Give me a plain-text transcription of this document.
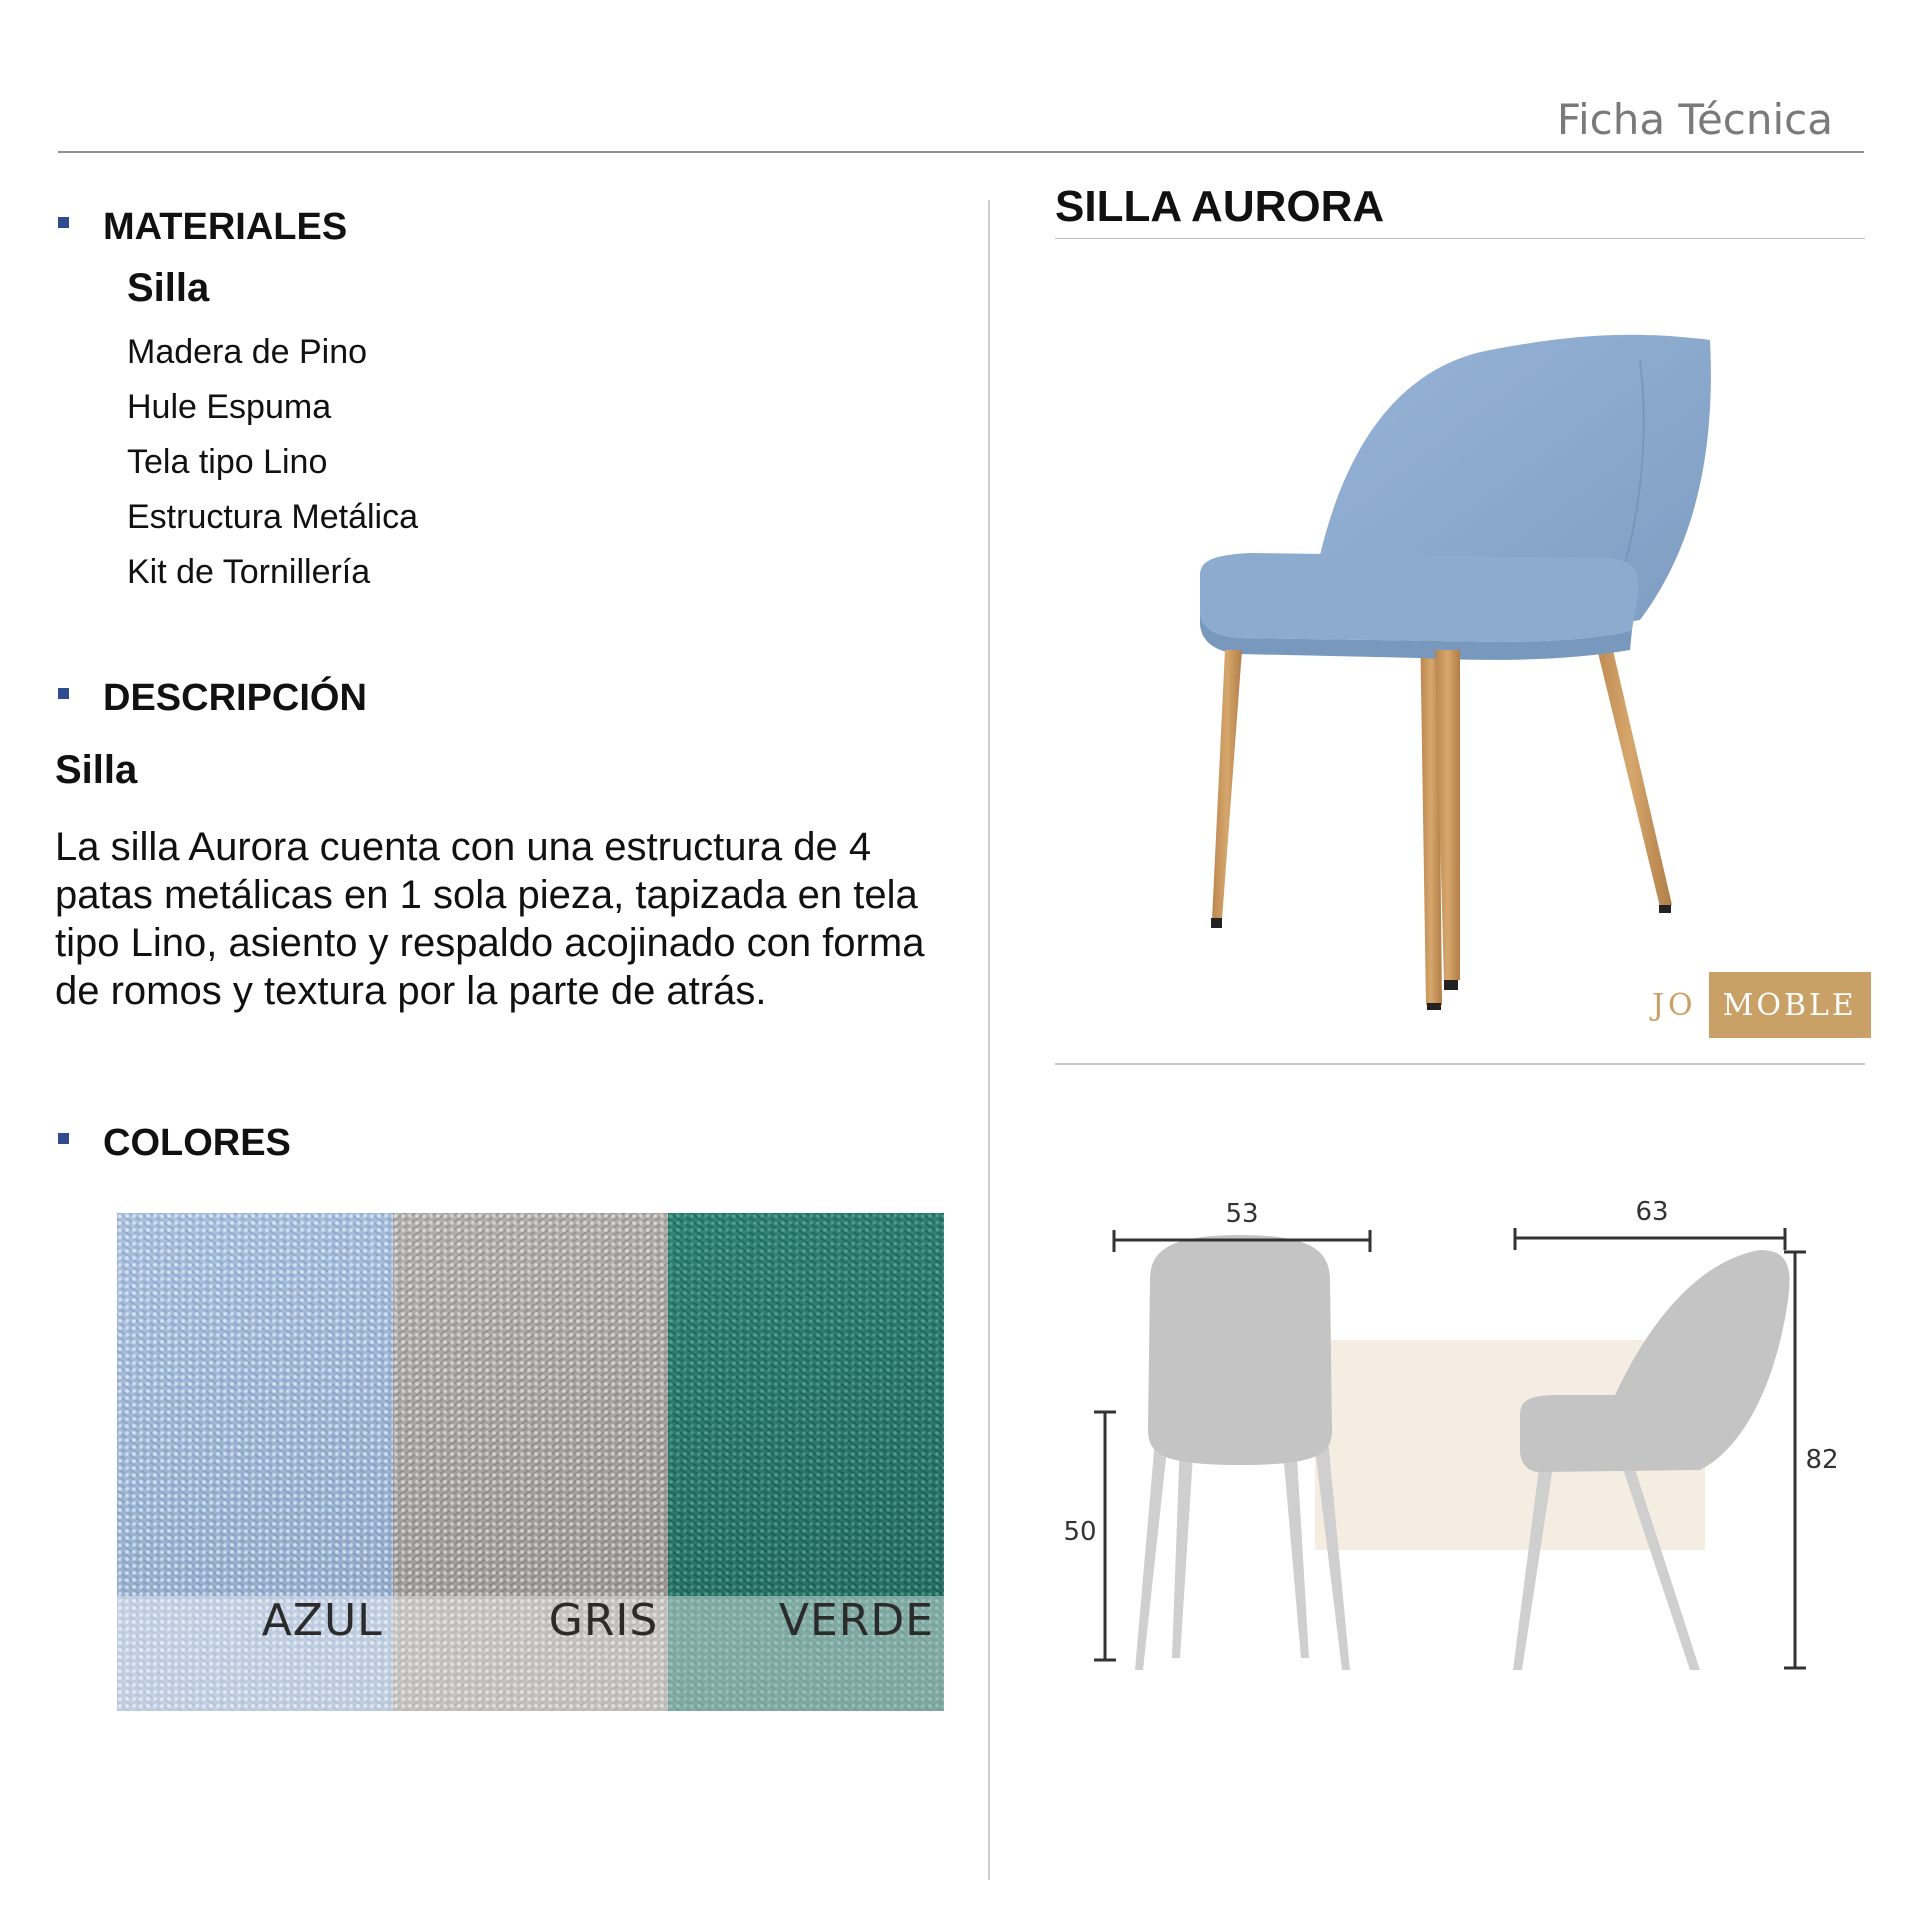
Ficha Técnica
MATERIALES
Silla
Madera de Pino
Hule Espuma
Tela tipo Lino
Estructura Metálica
Kit de Tornillería
DESCRIPCIÓN
Silla
La silla Aurora cuenta con una estructura de 4 patas metálicas en 1 sola pieza, tapizada en tela tipo Lino, asiento y respaldo acojinado con forma de romos y textura por la parte de atrás.
COLORES
AZUL	GRIS	VERDE
SILLA AURORA
JO MOBLE
53	63
50
82
